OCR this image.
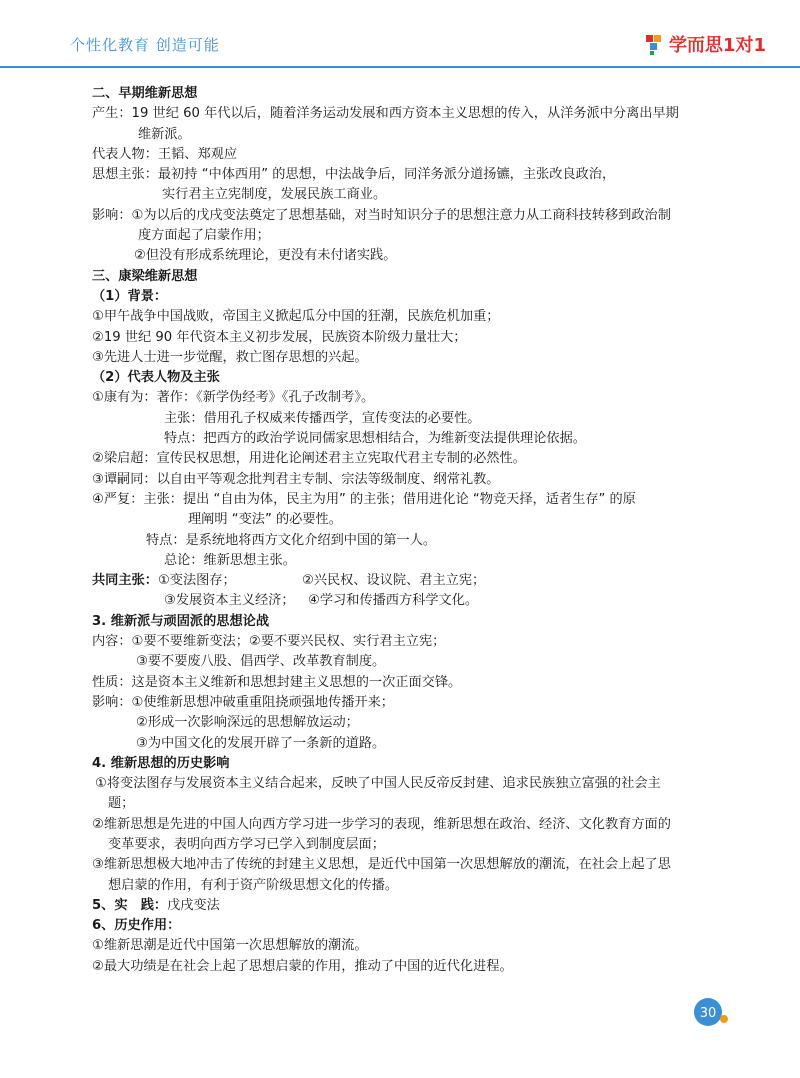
个性化教育 创造可能	学而思1对1
二、早期维新思想
产生：19 世纪 60 年代以后，随着洋务运动发展和西方资本主义思想的传入，从洋务派中分离出早期
维新派。
代表人物：王韬、郑观应
思想主张：最初持 “中体西用” 的思想，中法战争后，同洋务派分道扬镳，主张改良政治，
实行君主立宪制度，发展民族工商业。
影响：①为以后的戊戌变法奠定了思想基础，对当时知识分子的思想注意力从工商科技转移到政治制
度方面起了启蒙作用；
②但没有形成系统理论，更没有未付诸实践。
三、康梁维新思想
（1）背景：
①甲午战争中国战败，帝国主义掀起瓜分中国的狂潮，民族危机加重；
②19 世纪 90 年代资本主义初步发展，民族资本阶级力量壮大；
③先进人士进一步觉醒，救亡图存思想的兴起。
（2）代表人物及主张
①康有为：著作：《新学伪经考》《孔子改制考》。
主张：借用孔子权威来传播西学，宣传变法的必要性。
特点：把西方的政治学说同儒家思想相结合，为维新变法提供理论依据。
②梁启超：宣传民权思想，用进化论阐述君主立宪取代君主专制的必然性。
③谭嗣同：以自由平等观念批判君主专制、宗法等级制度、纲常礼教。
④严复：主张：提出 “自由为体，民主为用” 的主张；借用进化论 “物竞天择，适者生存” 的原
理阐明 “变法” 的必要性。
特点：是系统地将西方文化介绍到中国的第一人。
总论：维新思想主张。
共同主张：①变法图存；	②兴民权、设议院、君主立宪；
③发展资本主义经济； ④学习和传播西方科学文化。
3. 维新派与顽固派的思想论战
内容：①要不要维新变法；②要不要兴民权、实行君主立宪；
③要不要废八股、倡西学、改革教育制度。
性质：这是资本主义维新和思想封建主义思想的一次正面交锋。
影响：①使维新思想冲破重重阻挠顽强地传播开来；
②形成一次影响深远的思想解放运动；
③为中国文化的发展开辟了一条新的道路。
4. 维新思想的历史影响
①将变法图存与发展资本主义结合起来，反映了中国人民反帝反封建、追求民族独立富强的社会主
题；
②维新思想是先进的中国人向西方学习进一步学习的表现，维新思想在政治、经济、文化教育方面的
变革要求，表明向西方学习已学入到制度层面；
③维新思想极大地冲击了传统的封建主义思想，是近代中国第一次思想解放的潮流，在社会上起了思
想启蒙的作用，有利于资产阶级思想文化的传播。
5、实　践：戊戌变法
6、历史作用：
①维新思潮是近代中国第一次思想解放的潮流。
②最大功绩是在社会上起了思想启蒙的作用，推动了中国的近代化进程。
30
